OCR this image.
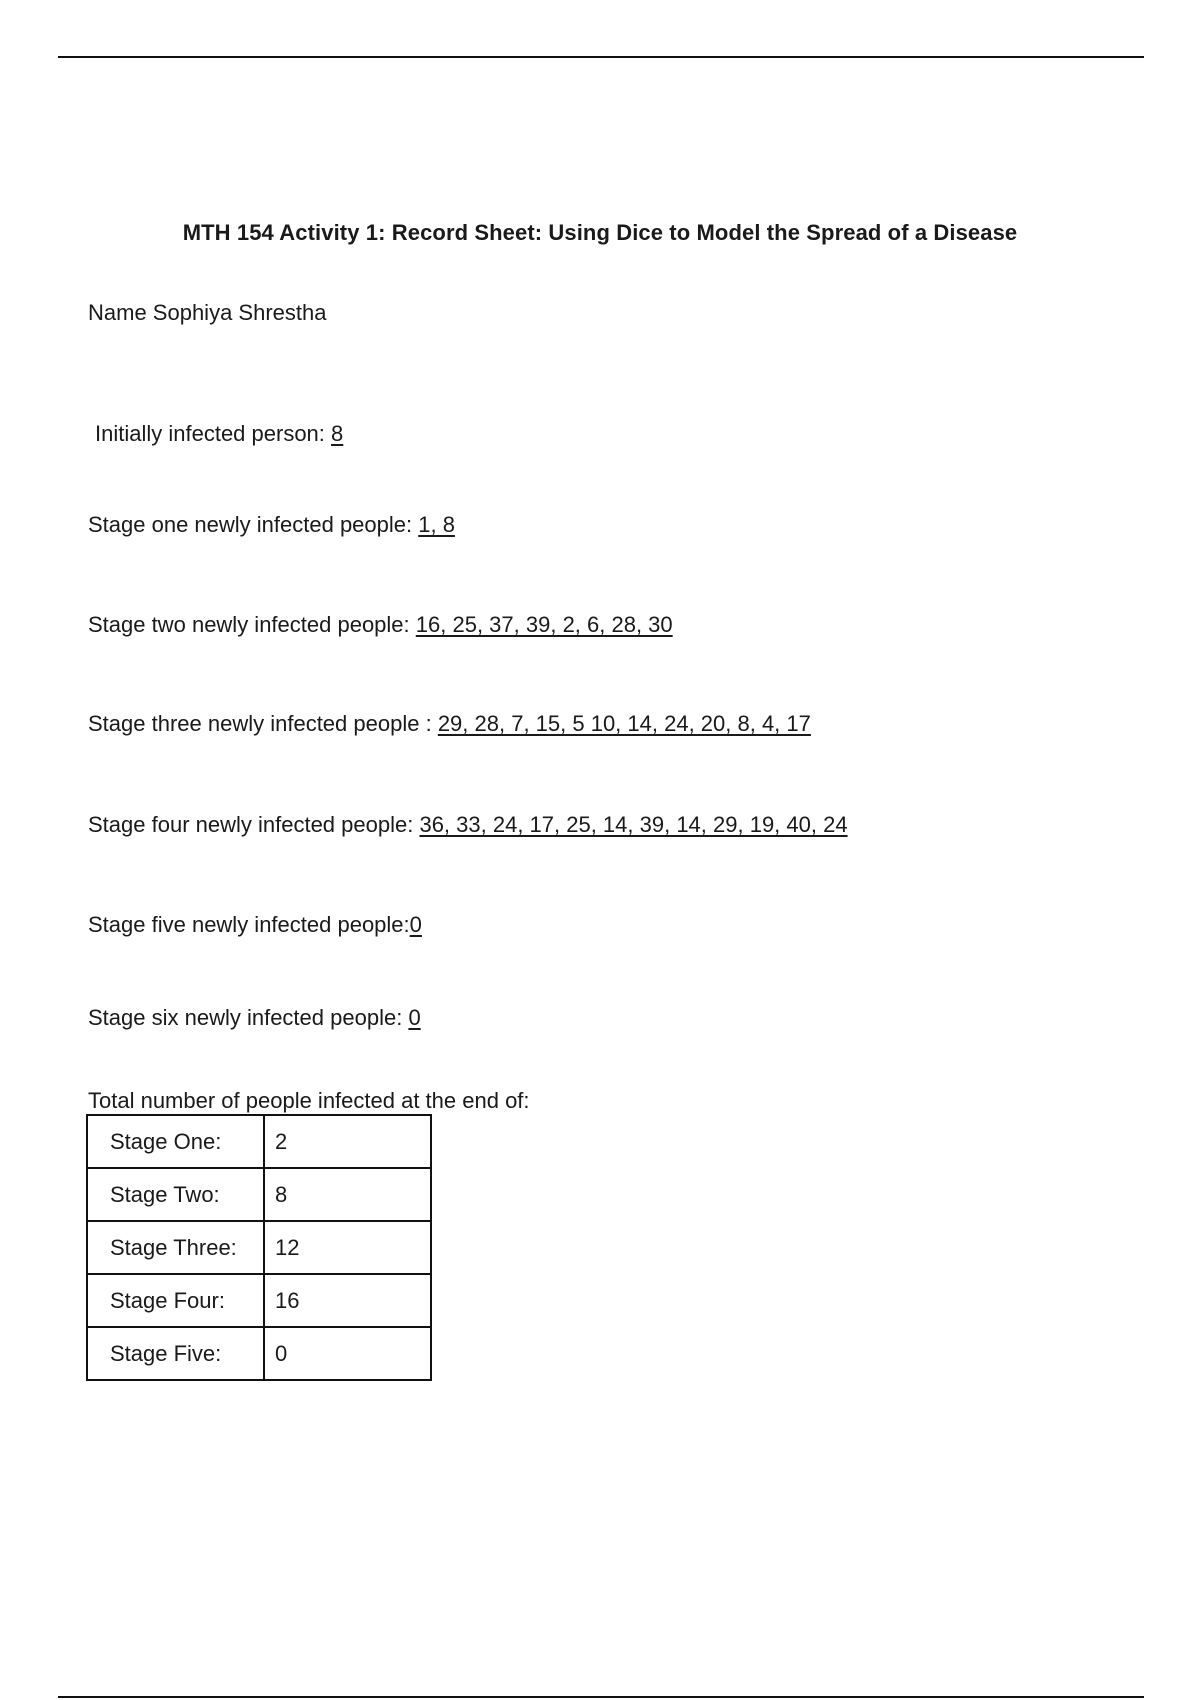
MTH 154 Activity 1: Record Sheet: Using Dice to Model the Spread of a Disease
Name Sophiya Shrestha
Initially infected person: 8
Stage one newly infected people: 1, 8
Stage two newly infected people: 16, 25, 37, 39, 2, 6, 28, 30
Stage three newly infected people : 29, 28, 7, 15, 5 10, 14, 24, 20, 8, 4, 17
Stage four newly infected people: 36, 33, 24, 17, 25, 14, 39, 14, 29, 19, 40, 24
Stage five newly infected people:0
Stage six newly infected people: 0
Total number of people infected at the end of:
Stage One:	2
Stage Two:	8
Stage Three:	12
Stage Four:	16
Stage Five:	0
